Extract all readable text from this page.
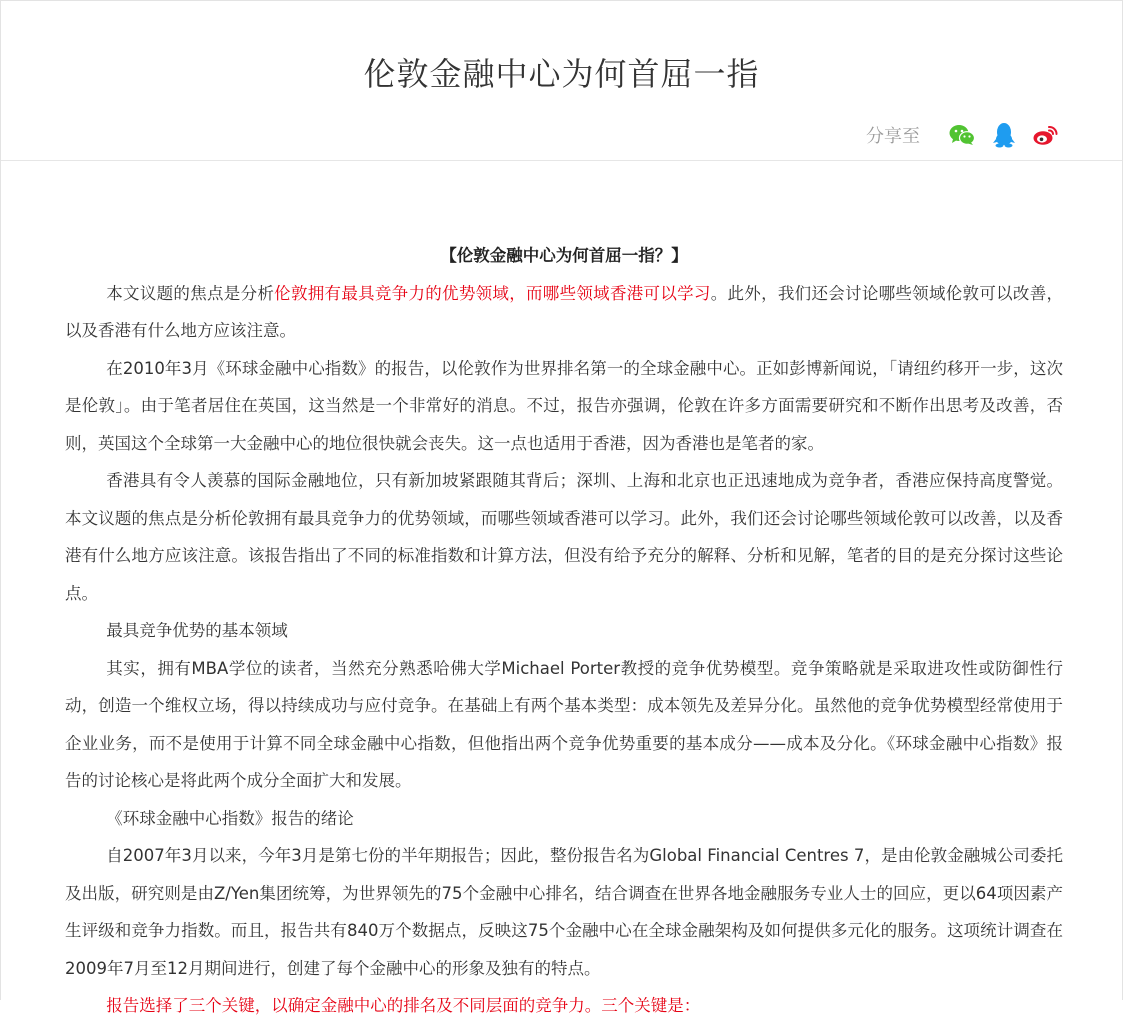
伦敦金融中心为何首屈一指
分享至

【伦敦金融中心为何首屈一指？】

本文议题的焦点是分析伦敦拥有最具竞争力的优势领域，而哪些领域香港可以学习。此外，我们还会讨论哪些领域伦敦可以改善，以及香港有什么地方应该注意。

在2010年3月《环球金融中心指数》的报告，以伦敦作为世界排名第一的全球金融中心。正如彭博新闻说，「请纽约移开一步，这次是伦敦」。由于笔者居住在英国，这当然是一个非常好的消息。不过，报告亦强调，伦敦在许多方面需要研究和不断作出思考及改善，否则，英国这个全球第一大金融中心的地位很快就会丧失。这一点也适用于香港，因为香港也是笔者的家。

香港具有令人羡慕的国际金融地位，只有新加坡紧跟随其背后；深圳、上海和北京也正迅速地成为竞争者，香港应保持高度警觉。本文议题的焦点是分析伦敦拥有最具竞争力的优势领域，而哪些领域香港可以学习。此外，我们还会讨论哪些领域伦敦可以改善，以及香港有什么地方应该注意。该报告指出了不同的标准指数和计算方法，但没有给予充分的解释、分析和见解，笔者的目的是充分探讨这些论点。

最具竞争优势的基本领域

其实，拥有MBA学位的读者，当然充分熟悉哈佛大学Michael Porter教授的竞争优势模型。竞争策略就是采取进攻性或防御性行动，创造一个维权立场，得以持续成功与应付竞争。在基础上有两个基本类型：成本领先及差异分化。虽然他的竞争优势模型经常使用于企业业务，而不是使用于计算不同全球金融中心指数，但他指出两个竞争优势重要的基本成分——成本及分化。《环球金融中心指数》报告的讨论核心是将此两个成分全面扩大和发展。

《环球金融中心指数》报告的绪论

自2007年3月以来，今年3月是第七份的半年期报告；因此，整份报告名为Global Financial Centres 7，是由伦敦金融城公司委托及出版，研究则是由Z/Yen集团统筹，为世界领先的75个金融中心排名，结合调查在世界各地金融服务专业人士的回应，更以64项因素产生评级和竞争力指数。而且，报告共有840万个数据点，反映这75个金融中心在全球金融架构及如何提供多元化的服务。这项统计调查在2009年7月至12月期间进行，创建了每个金融中心的形象及独有的特点。

报告选择了三个关键，以确定金融中心的排名及不同层面的竞争力。三个关键是：
